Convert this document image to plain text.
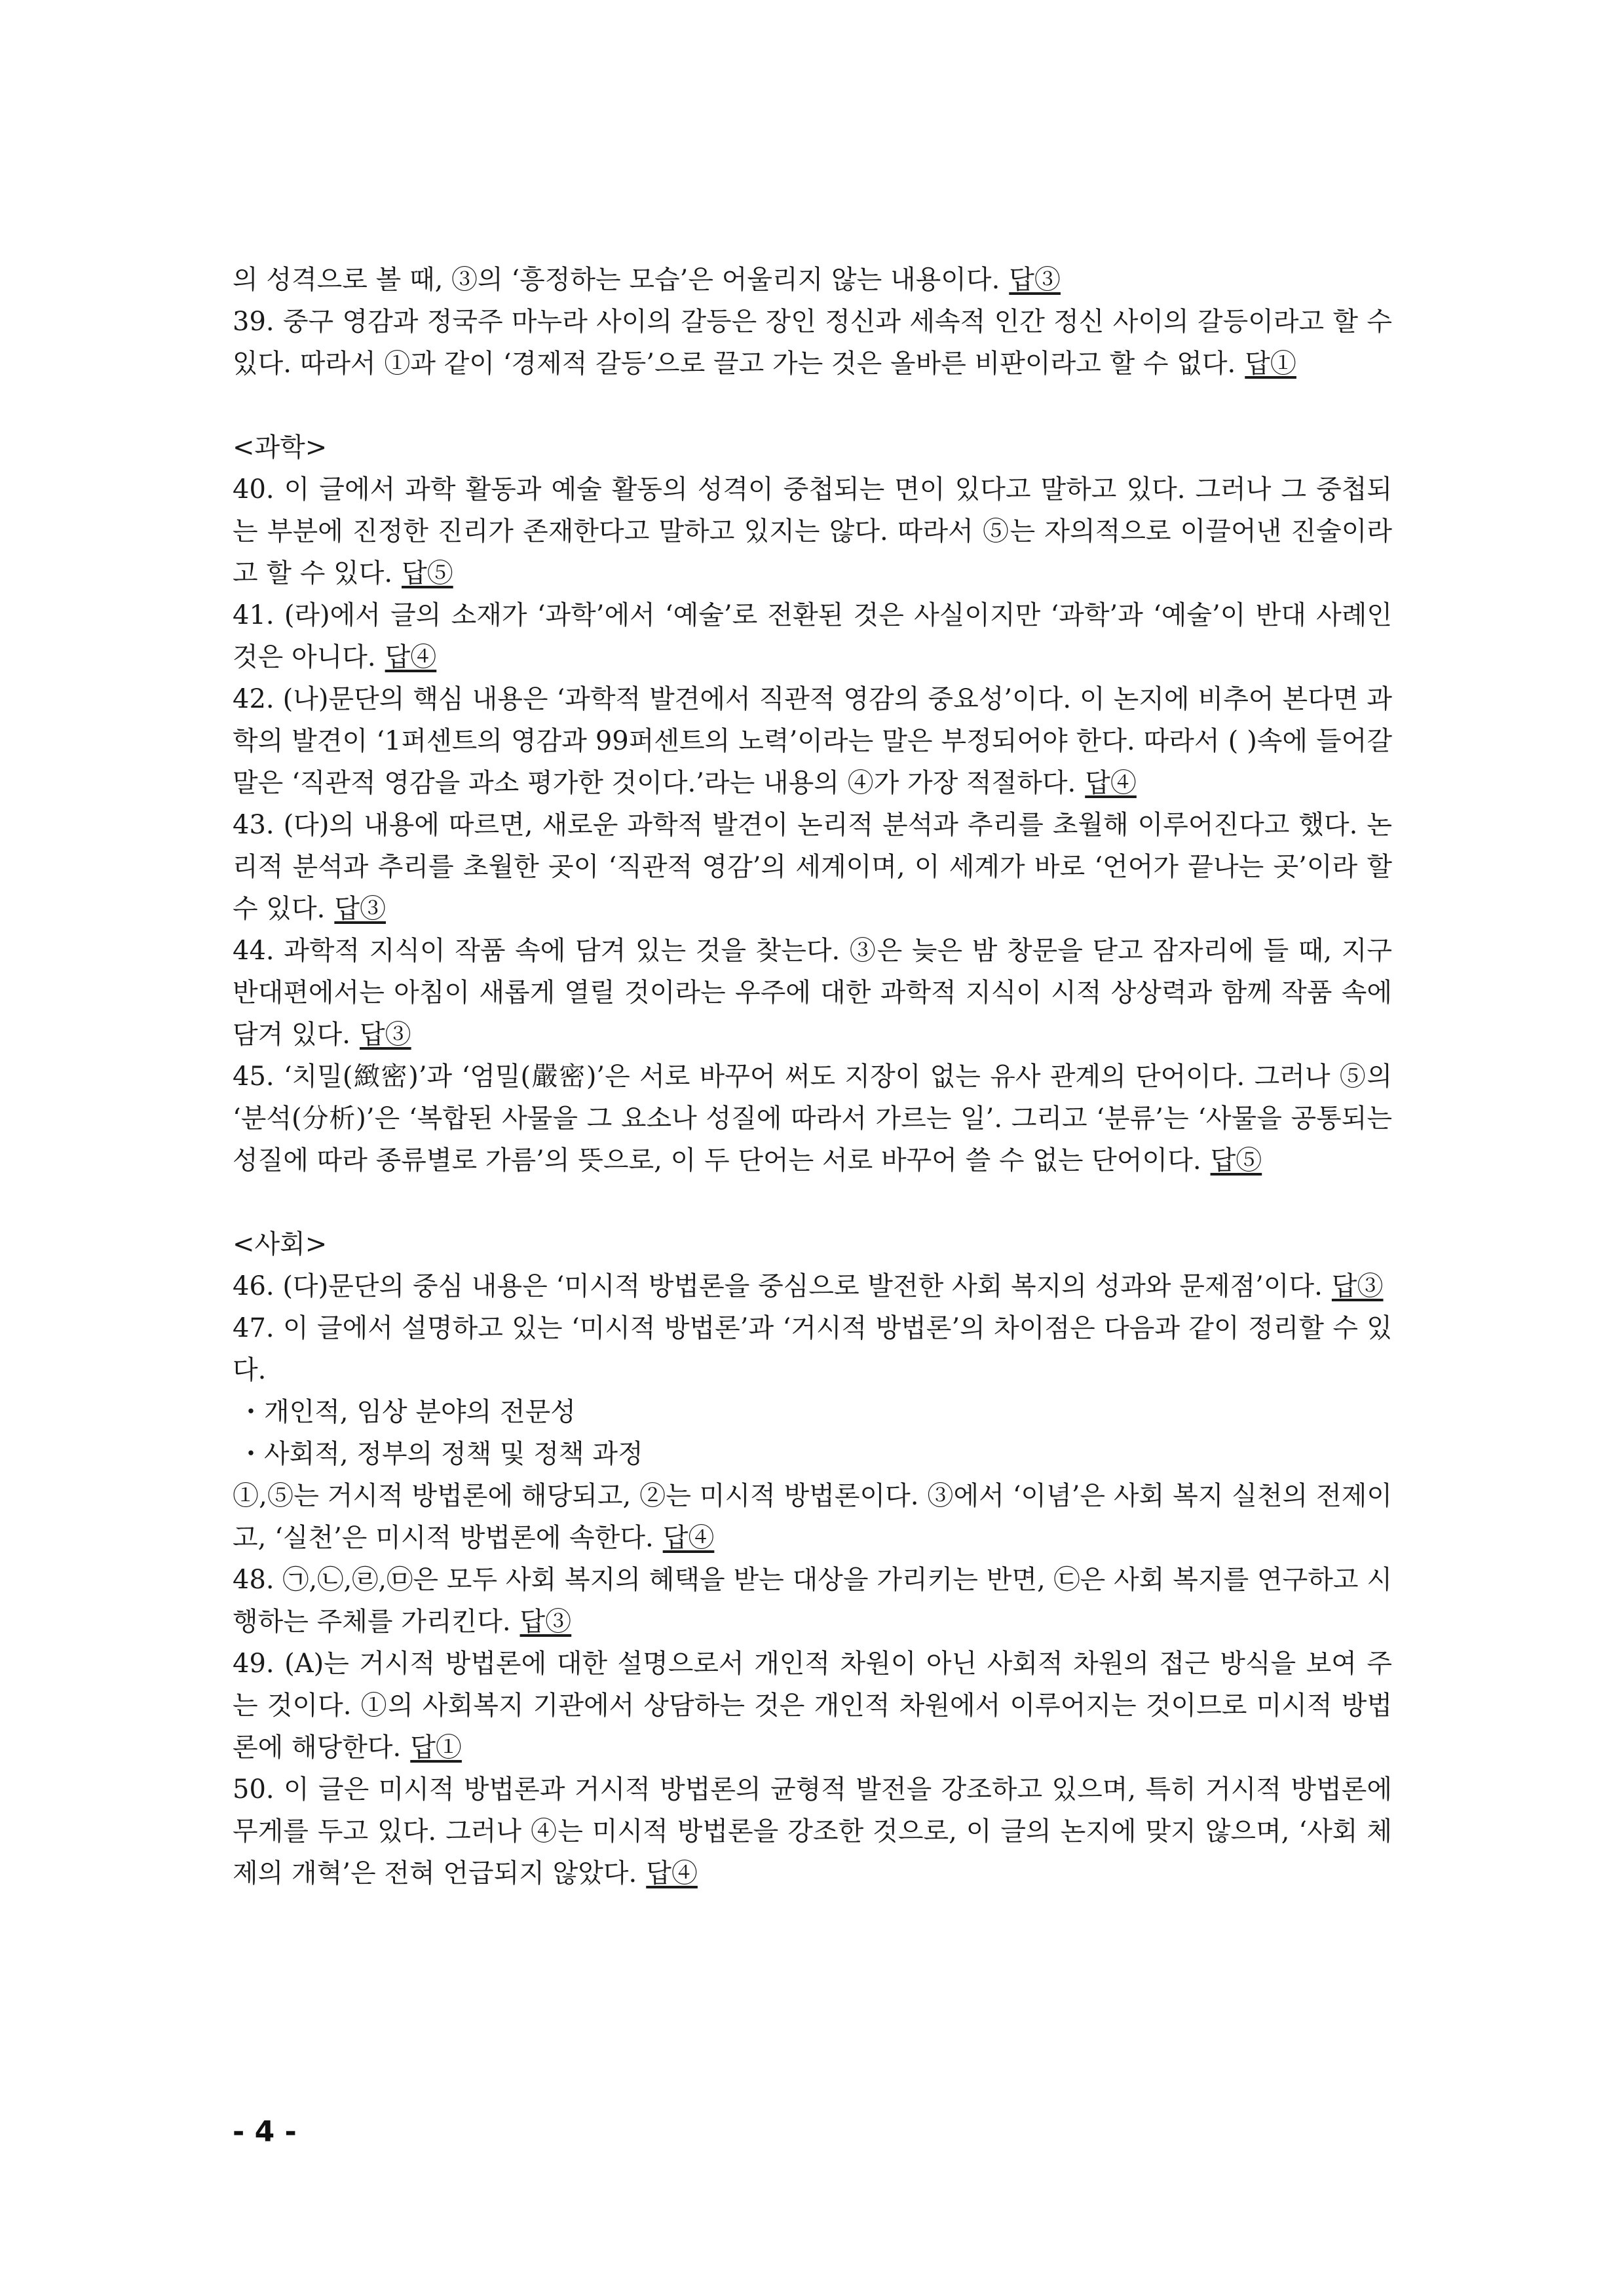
의 성격으로 볼 때, ③의 ‘흥정하는 모습’은 어울리지 않는 내용이다. 답③

39. 중구 영감과 정국주 마누라 사이의 갈등은 장인 정신과 세속적 인간 정신 사이의 갈등이라고 할 수 있다. 따라서 ①과 같이 ‘경제적 갈등’으로 끌고 가는 것은 올바른 비판이라고 할 수 없다. 답①

<과학>

40. 이 글에서 과학 활동과 예술 활동의 성격이 중첩되는 면이 있다고 말하고 있다. 그러나 그 중첩되는 부분에 진정한 진리가 존재한다고 말하고 있지는 않다. 따라서 ⑤는 자의적으로 이끌어낸 진술이라고 할 수 있다. 답⑤

41. (라)에서 글의 소재가 ‘과학’에서 ‘예술’로 전환된 것은 사실이지만 ‘과학’과 ‘예술’이 반대 사례인 것은 아니다. 답④

42. (나)문단의 핵심 내용은 ‘과학적 발견에서 직관적 영감의 중요성’이다. 이 논지에 비추어 본다면 과학의 발견이 ‘1퍼센트의 영감과 99퍼센트의 노력’이라는 말은 부정되어야 한다. 따라서 ( )속에 들어갈 말은 ‘직관적 영감을 과소 평가한 것이다.’라는 내용의 ④가 가장 적절하다. 답④

43. (다)의 내용에 따르면, 새로운 과학적 발견이 논리적 분석과 추리를 초월해 이루어진다고 했다. 논리적 분석과 추리를 초월한 곳이 ‘직관적 영감’의 세계이며, 이 세계가 바로 ‘언어가 끝나는 곳’이라 할 수 있다. 답③

44. 과학적 지식이 작품 속에 담겨 있는 것을 찾는다. ③은 늦은 밤 창문을 닫고 잠자리에 들 때, 지구 반대편에서는 아침이 새롭게 열릴 것이라는 우주에 대한 과학적 지식이 시적 상상력과 함께 작품 속에 담겨 있다. 답③

45. ‘치밀(緻密)’과 ‘엄밀(嚴密)’은 서로 바꾸어 써도 지장이 없는 유사 관계의 단어이다. 그러나 ⑤의 ‘분석(分析)’은 ‘복합된 사물을 그 요소나 성질에 따라서 가르는 일’. 그리고 ‘분류’는 ‘사물을 공통되는 성질에 따라 종류별로 가름’의 뜻으로, 이 두 단어는 서로 바꾸어 쓸 수 없는 단어이다. 답⑤

<사회>

46. (다)문단의 중심 내용은 ‘미시적 방법론을 중심으로 발전한 사회 복지의 성과와 문제점’이다. 답③

47. 이 글에서 설명하고 있는 ‘미시적 방법론’과 ‘거시적 방법론’의 차이점은 다음과 같이 정리할 수 있다.

・개인적, 임상 분야의 전문성

・사회적, 정부의 정책 및 정책 과정

①,⑤는 거시적 방법론에 해당되고, ②는 미시적 방법론이다. ③에서 ‘이념’은 사회 복지 실천의 전제이고, ‘실천’은 미시적 방법론에 속한다. 답④

48. ㉠,㉡,㉣,㉤은 모두 사회 복지의 혜택을 받는 대상을 가리키는 반면, ㉢은 사회 복지를 연구하고 시행하는 주체를 가리킨다. 답③

49. (A)는 거시적 방법론에 대한 설명으로서 개인적 차원이 아닌 사회적 차원의 접근 방식을 보여 주는 것이다. ①의 사회복지 기관에서 상담하는 것은 개인적 차원에서 이루어지는 것이므로 미시적 방법론에 해당한다. 답①

50. 이 글은 미시적 방법론과 거시적 방법론의 균형적 발전을 강조하고 있으며, 특히 거시적 방법론에 무게를 두고 있다. 그러나 ④는 미시적 방법론을 강조한 것으로, 이 글의 논지에 맞지 않으며, ‘사회 체제의 개혁’은 전혀 언급되지 않았다. 답④

- 4 -
